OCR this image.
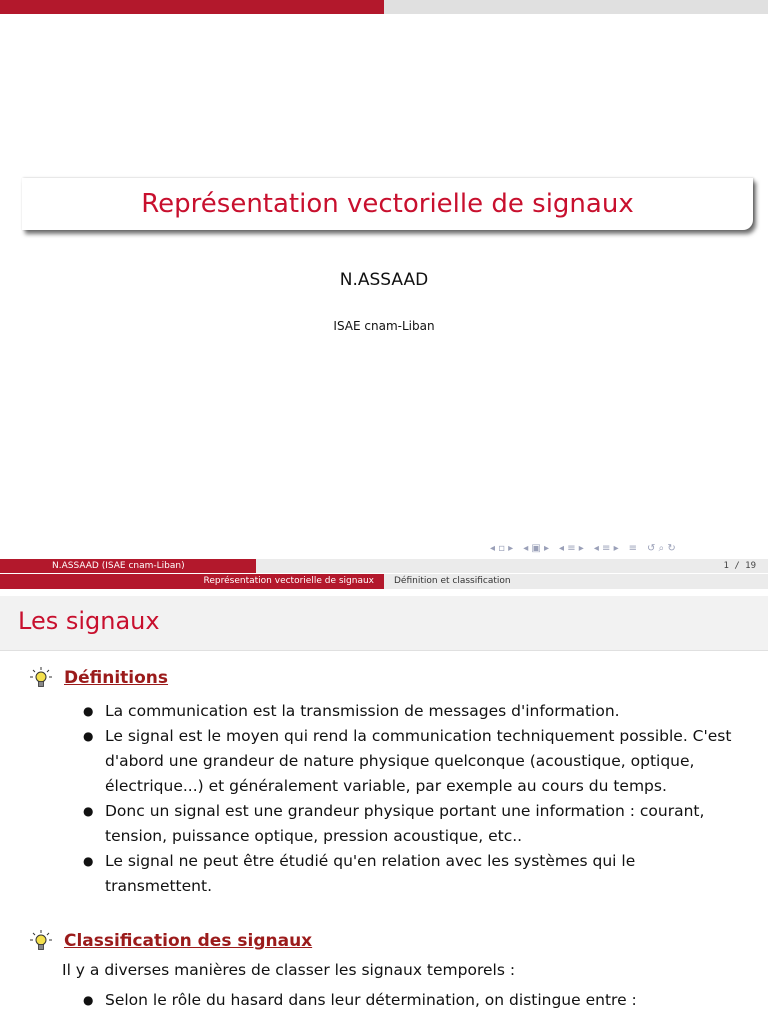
Représentation vectorielle de signaux
N.ASSAAD
ISAE cnam-Liban
◂ ▫ ▸ ◂ ▣ ▸ ◂ ≡ ▸ ◂ ≡ ▸ ≡ ↺ ⌕ ↻
N.ASSAAD (ISAE cnam-Liban)	1 / 19
Représentation vectorielle de signaux	Définition et classification
Les signaux
Définitions
● La communication est la transmission de messages d'information.
● Le signal est le moyen qui rend la communication techniquement possible. C'est d'abord une grandeur de nature physique quelconque (acoustique, optique, électrique...) et généralement variable, par exemple au cours du temps.
● Donc un signal est une grandeur physique portant une information : courant, tension, puissance optique, pression acoustique, etc..
● Le signal ne peut être étudié qu'en relation avec les systèmes qui le transmettent.
Classification des signaux
Il y a diverses manières de classer les signaux temporels :
● Selon le rôle du hasard dans leur détermination, on distingue entre :
